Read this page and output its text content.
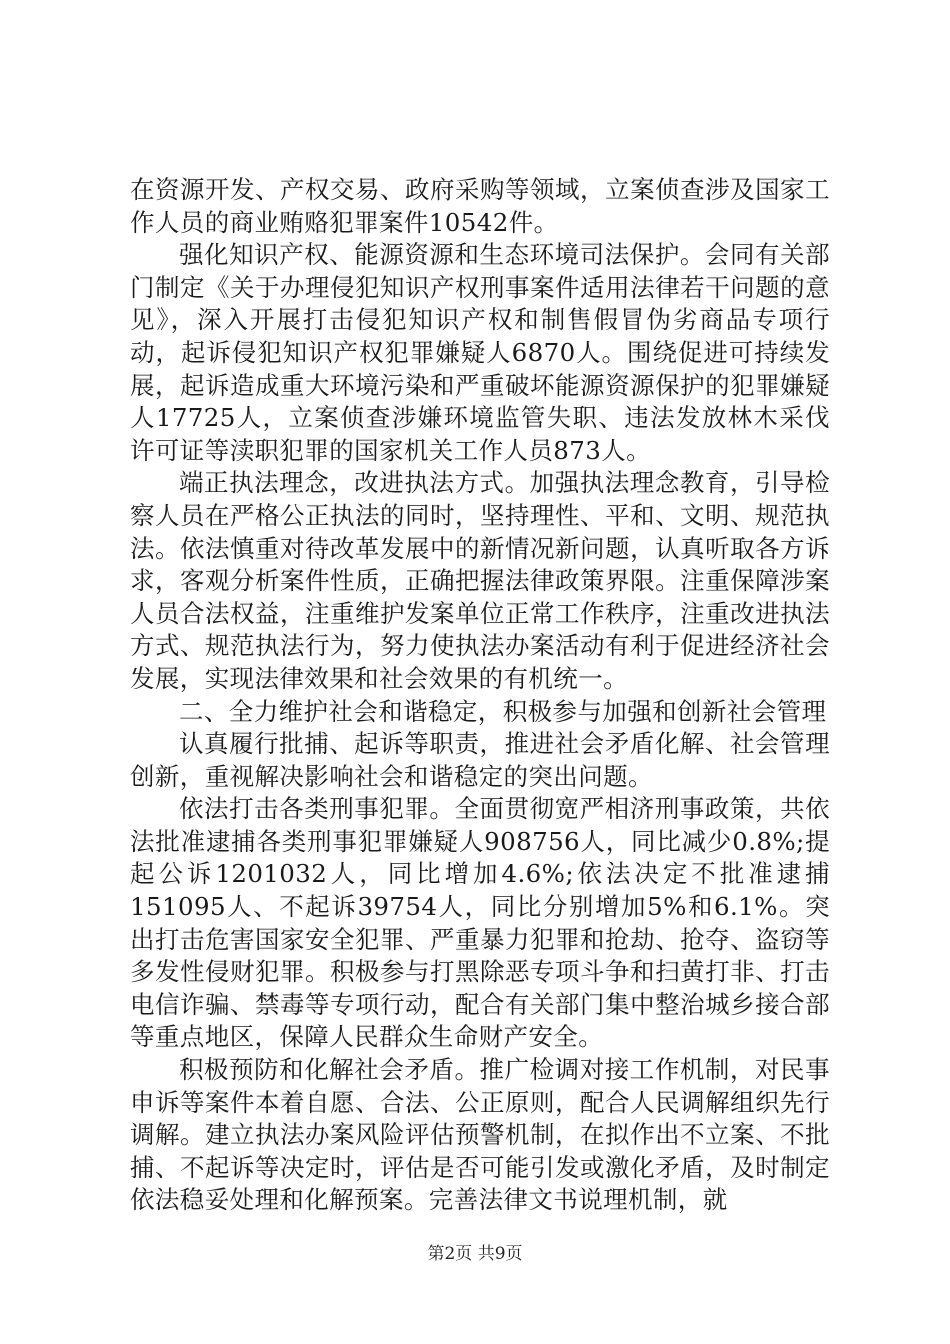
在资源开发、产权交易、政府采购等领域，立案侦查涉及国家工作人员的商业贿赂犯罪案件10542件。

强化知识产权、能源资源和生态环境司法保护。会同有关部门制定《关于办理侵犯知识产权刑事案件适用法律若干问题的意见》，深入开展打击侵犯知识产权和制售假冒伪劣商品专项行动，起诉侵犯知识产权犯罪嫌疑人6870人。围绕促进可持续发展，起诉造成重大环境污染和严重破坏能源资源保护的犯罪嫌疑人17725人，立案侦查涉嫌环境监管失职、违法发放林木采伐许可证等渎职犯罪的国家机关工作人员873人。

端正执法理念，改进执法方式。加强执法理念教育，引导检察人员在严格公正执法的同时，坚持理性、平和、文明、规范执法。依法慎重对待改革发展中的新情况新问题，认真听取各方诉求，客观分析案件性质，正确把握法律政策界限。注重保障涉案人员合法权益，注重维护发案单位正常工作秩序，注重改进执法方式、规范执法行为，努力使执法办案活动有利于促进经济社会发展，实现法律效果和社会效果的有机统一。

二、全力维护社会和谐稳定，积极参与加强和创新社会管理

认真履行批捕、起诉等职责，推进社会矛盾化解、社会管理创新，重视解决影响社会和谐稳定的突出问题。

依法打击各类刑事犯罪。全面贯彻宽严相济刑事政策，共依法批准逮捕各类刑事犯罪嫌疑人908756人，同比减少0.8%;提起公诉1201032人，同比增加4.6%;依法决定不批准逮捕151095人、不起诉39754人，同比分别增加5%和6.1%。突出打击危害国家安全犯罪、严重暴力犯罪和抢劫、抢夺、盗窃等多发性侵财犯罪。积极参与打黑除恶专项斗争和扫黄打非、打击电信诈骗、禁毒等专项行动，配合有关部门集中整治城乡接合部等重点地区，保障人民群众生命财产安全。

积极预防和化解社会矛盾。推广检调对接工作机制，对民事申诉等案件本着自愿、合法、公正原则，配合人民调解组织先行调解。建立执法办案风险评估预警机制，在拟作出不立案、不批捕、不起诉等决定时，评估是否可能引发或激化矛盾，及时制定依法稳妥处理和化解预案。完善法律文书说理机制，就

第2页 共9页
